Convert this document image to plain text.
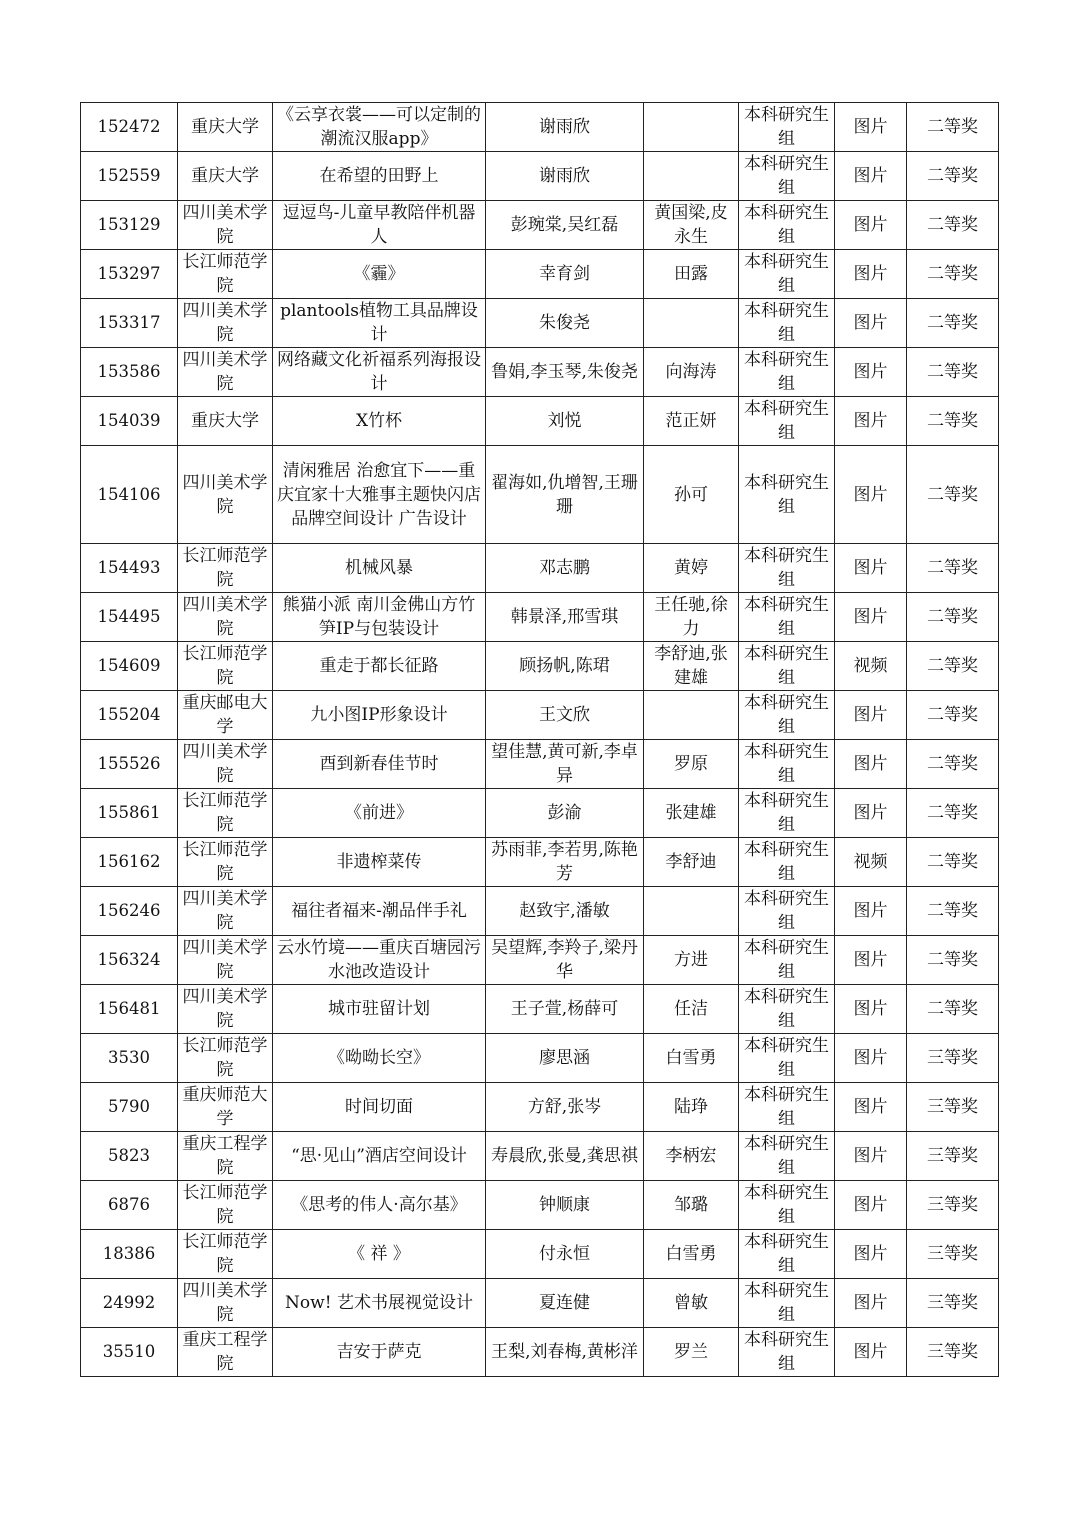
152472	重庆大学	《云享衣裳——可以定制的潮流汉服app》	谢雨欣		本科研究生组	图片	二等奖
152559	重庆大学	在希望的田野上	谢雨欣		本科研究生组	图片	二等奖
153129	四川美术学院	逗逗鸟-儿童早教陪伴机器人	彭琬棠,吴红磊	黄国梁,皮永生	本科研究生组	图片	二等奖
153297	长江师范学院	《霾》	幸育剑	田露	本科研究生组	图片	二等奖
153317	四川美术学院	plantools植物工具品牌设计	朱俊尧		本科研究生组	图片	二等奖
153586	四川美术学院	网络藏文化祈福系列海报设计	鲁娟,李玉琴,朱俊尧	向海涛	本科研究生组	图片	二等奖
154039	重庆大学	X竹杯	刘悦	范正妍	本科研究生组	图片	二等奖
154106	四川美术学院	清闲雅居 治愈宜下——重庆宜家十大雅事主题快闪店 品牌空间设计 广告设计	翟海如,仇增智,王珊珊	孙可	本科研究生组	图片	二等奖
154493	长江师范学院	机械风暴	邓志鹏	黄婷	本科研究生组	图片	二等奖
154495	四川美术学院	熊猫小派 南川金佛山方竹笋IP与包装设计	韩景泽,邢雪琪	王任驰,徐力	本科研究生组	图片	二等奖
154609	长江师范学院	重走于都长征路	顾扬帆,陈珺	李舒迪,张建雄	本科研究生组	视频	二等奖
155204	重庆邮电大学	九小图IP形象设计	王文欣		本科研究生组	图片	二等奖
155526	四川美术学院	酉到新春佳节时	望佳慧,黄可新,李卓异	罗原	本科研究生组	图片	二等奖
155861	长江师范学院	《前进》	彭渝	张建雄	本科研究生组	图片	二等奖
156162	长江师范学院	非遗榨菜传	苏雨菲,李若男,陈艳芳	李舒迪	本科研究生组	视频	二等奖
156246	四川美术学院	福往者福来-潮品伴手礼	赵致宇,潘敏		本科研究生组	图片	二等奖
156324	四川美术学院	云水竹境——重庆百塘园污水池改造设计	吴望辉,李羚子,梁丹华	方进	本科研究生组	图片	二等奖
156481	四川美术学院	城市驻留计划	王子萱,杨薛可	任洁	本科研究生组	图片	二等奖
3530	长江师范学院	《呦呦长空》	廖思涵	白雪勇	本科研究生组	图片	三等奖
5790	重庆师范大学	时间切面	方舒,张岑	陆琤	本科研究生组	图片	三等奖
5823	重庆工程学院	“思·见山”酒店空间设计	寿晨欣,张曼,龚思祺	李柄宏	本科研究生组	图片	三等奖
6876	长江师范学院	《思考的伟人·高尔基》	钟顺康	邹璐	本科研究生组	图片	三等奖
18386	长江师范学院	《 祥 》	付永恒	白雪勇	本科研究生组	图片	三等奖
24992	四川美术学院	Now! 艺术书展视觉设计	夏连健	曾敏	本科研究生组	图片	三等奖
35510	重庆工程学院	吉安于萨克	王梨,刘春梅,黄彬洋	罗兰	本科研究生组	图片	三等奖
